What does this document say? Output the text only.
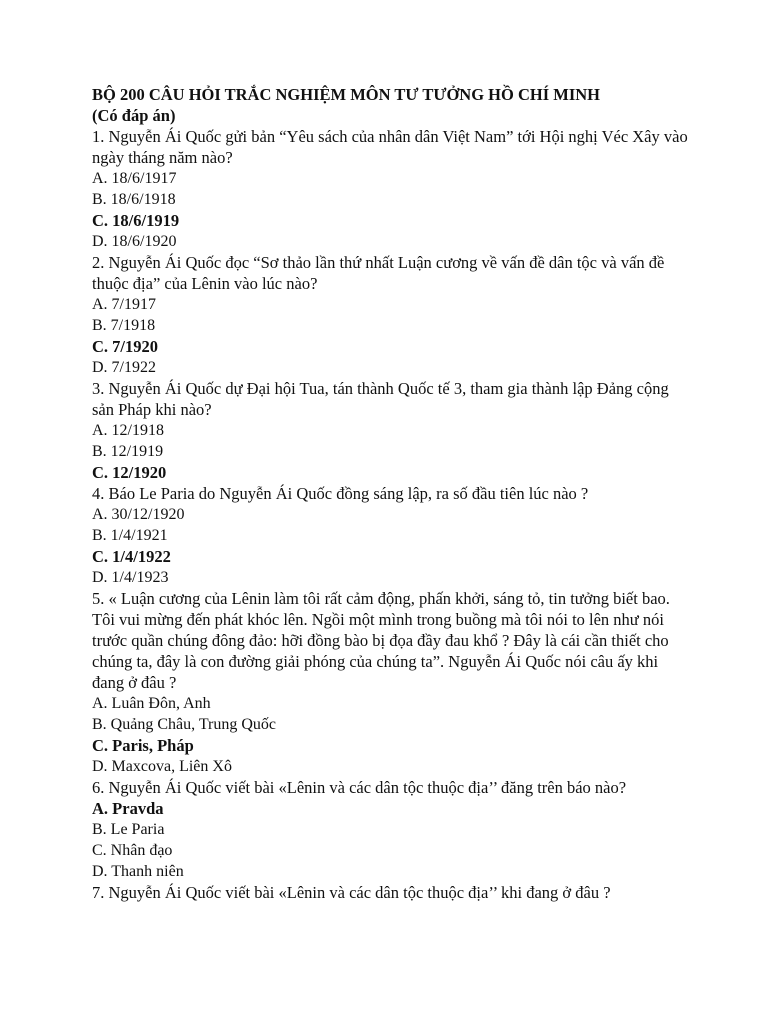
BỘ 200 CÂU HỎI TRẮC NGHIỆM MÔN TƯ TƯỞNG HỒ CHÍ MINH

(Có đáp án)

1. Nguyễn Ái Quốc gửi bản “Yêu sách của nhân dân Việt Nam” tới Hội nghị Véc Xây vào ngày tháng năm nào?

A. 18/6/1917

B. 18/6/1918

C. 18/6/1919

D. 18/6/1920

2. Nguyễn Ái Quốc đọc “Sơ thảo lần thứ nhất Luận cương về vấn đề dân tộc và vấn đề thuộc địa” của Lênin vào lúc nào?

A. 7/1917

B. 7/1918

C. 7/1920

D. 7/1922

3. Nguyễn Ái Quốc dự Đại hội Tua, tán thành Quốc tế 3, tham gia thành lập Đảng cộng sản Pháp khi nào?

A. 12/1918

B. 12/1919

C. 12/1920

4. Báo Le Paria do Nguyễn Ái Quốc đồng sáng lập, ra số đầu tiên lúc nào ?

A. 30/12/1920

B. 1/4/1921

C. 1/4/1922

D. 1/4/1923

5. « Luận cương của Lênin làm tôi rất cảm động, phấn khởi, sáng tỏ, tin tưởng biết bao. Tôi vui mừng đến phát khóc lên. Ngồi một mình trong buồng mà tôi nói to lên như nói trước quần chúng đông đảo: hỡi đồng bào bị đọa đầy đau khổ ? Đây là cái cần thiết cho chúng ta, đây là con đường giải phóng của chúng ta”. Nguyễn Ái Quốc nói câu ấy khi đang ở đâu ?

A. Luân Đôn, Anh

B. Quảng Châu, Trung Quốc

C. Paris, Pháp

D. Maxcova, Liên Xô

6. Nguyễn Ái Quốc viết bài «Lênin và các dân tộc thuộc địa’’ đăng trên báo nào?

A. Pravda

B. Le Paria

C. Nhân đạo

D. Thanh niên

7. Nguyễn Ái Quốc viết bài «Lênin và các dân tộc thuộc địa’’ khi đang ở đâu ?
